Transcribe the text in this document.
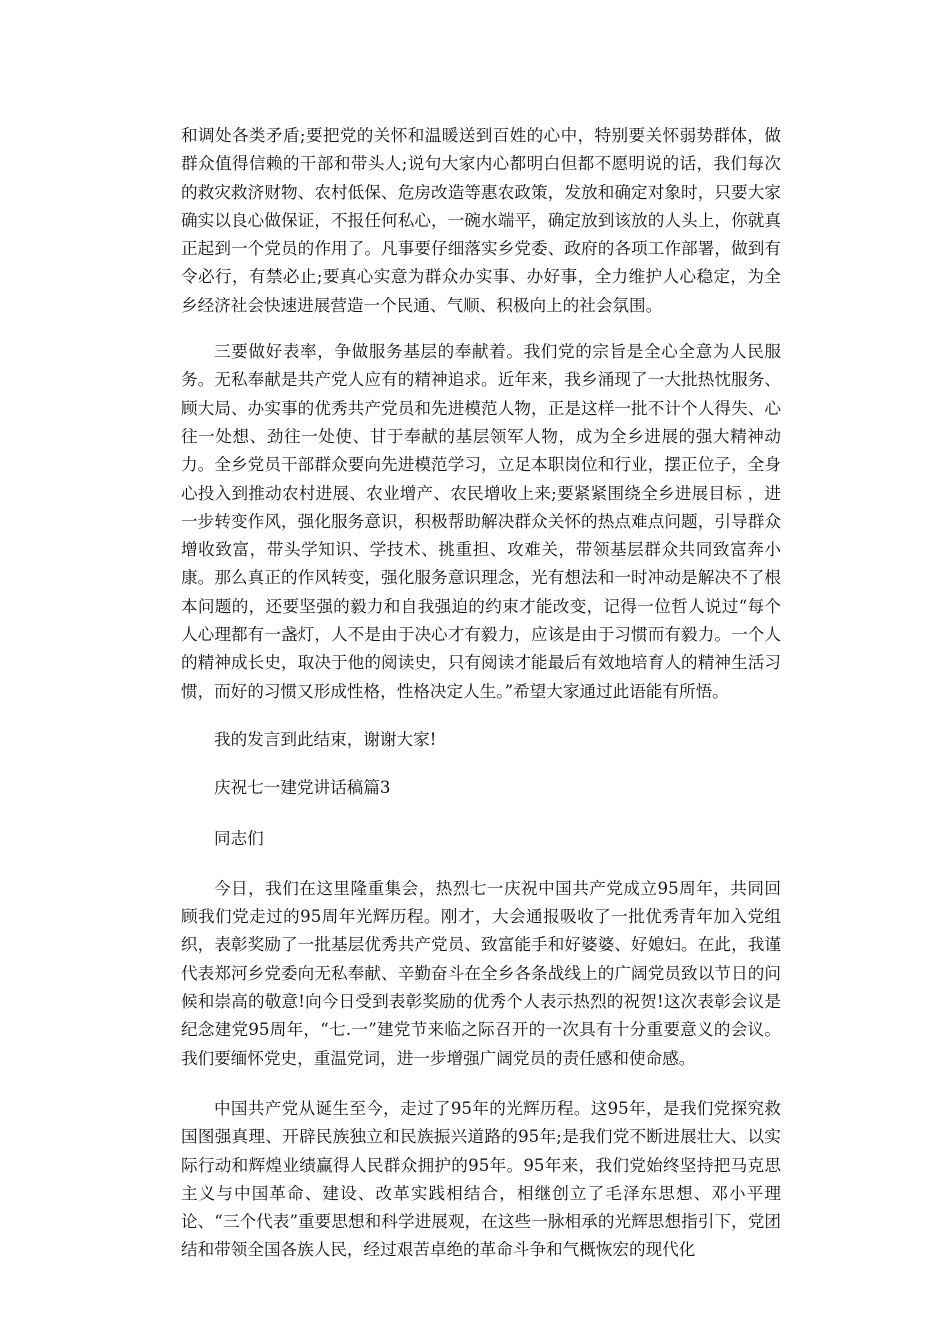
和调处各类矛盾;要把党的关怀和温暖送到百姓的心中，特别要关怀弱势群体，做群众值得信赖的干部和带头人;说句大家内心都明白但都不愿明说的话，我们每次的救灾救济财物、农村低保、危房改造等惠农政策，发放和确定对象时，只要大家确实以良心做保证，不报任何私心，一碗水端平，确定放到该放的人头上，你就真正起到一个党员的作用了。凡事要仔细落实乡党委、政府的各项工作部署，做到有令必行，有禁必止;要真心实意为群众办实事、办好事，全力维护人心稳定，为全乡经济社会快速进展营造一个民通、气顺、积极向上的社会氛围。

三要做好表率，争做服务基层的奉献着。我们党的宗旨是全心全意为人民服务。无私奉献是共产党人应有的精神追求。近年来，我乡涌现了一大批热忱服务、顾大局、办实事的优秀共产党员和先进模范人物，正是这样一批不计个人得失、心往一处想、劲往一处使、甘于奉献的基层领军人物，成为全乡进展的强大精神动力。全乡党员干部群众要向先进模范学习，立足本职岗位和行业，摆正位子，全身心投入到推动农村进展、农业增产、农民增收上来;要紧紧围绕全乡进展目标 ，进一步转变作风，强化服务意识，积极帮助解决群众关怀的热点难点问题，引导群众增收致富，带头学知识、学技术、挑重担、攻难关，带领基层群众共同致富奔小康。那么真正的作风转变，强化服务意识理念，光有想法和一时冲动是解决不了根本问题的，还要坚强的毅力和自我强迫的约束才能改变，记得一位哲人说过“每个人心理都有一盏灯，人不是由于决心才有毅力，应该是由于习惯而有毅力。一个人的精神成长史，取决于他的阅读史，只有阅读才能最后有效地培育人的精神生活习惯，而好的习惯又形成性格，性格决定人生。”希望大家通过此语能有所悟。

我的发言到此结束，谢谢大家!

庆祝七一建党讲话稿篇3

同志们

今日，我们在这里隆重集会，热烈七一庆祝中国共产党成立95周年，共同回顾我们党走过的95周年光辉历程。刚才，大会通报吸收了一批优秀青年加入党组织，表彰奖励了一批基层优秀共产党员、致富能手和好婆婆、好媳妇。在此，我谨代表郑河乡党委向无私奉献、辛勤奋斗在全乡各条战线上的广阔党员致以节日的问候和崇高的敬意!向今日受到表彰奖励的优秀个人表示热烈的祝贺!这次表彰会议是纪念建党95周年，“七.一”建党节来临之际召开的一次具有十分重要意义的会议。我们要缅怀党史，重温党词，进一步增强广阔党员的责任感和使命感。

中国共产党从诞生至今，走过了95年的光辉历程。这95年，是我们党探究救国图强真理、开辟民族独立和民族振兴道路的95年;是我们党不断进展壮大、以实际行动和辉煌业绩赢得人民群众拥护的95年。95年来，我们党始终坚持把马克思主义与中国革命、建设、改革实践相结合，相继创立了毛泽东思想、邓小平理论、“三个代表”重要思想和科学进展观，在这些一脉相承的光辉思想指引下，党团结和带领全国各族人民，经过艰苦卓绝的革命斗争和气概恢宏的现代化
